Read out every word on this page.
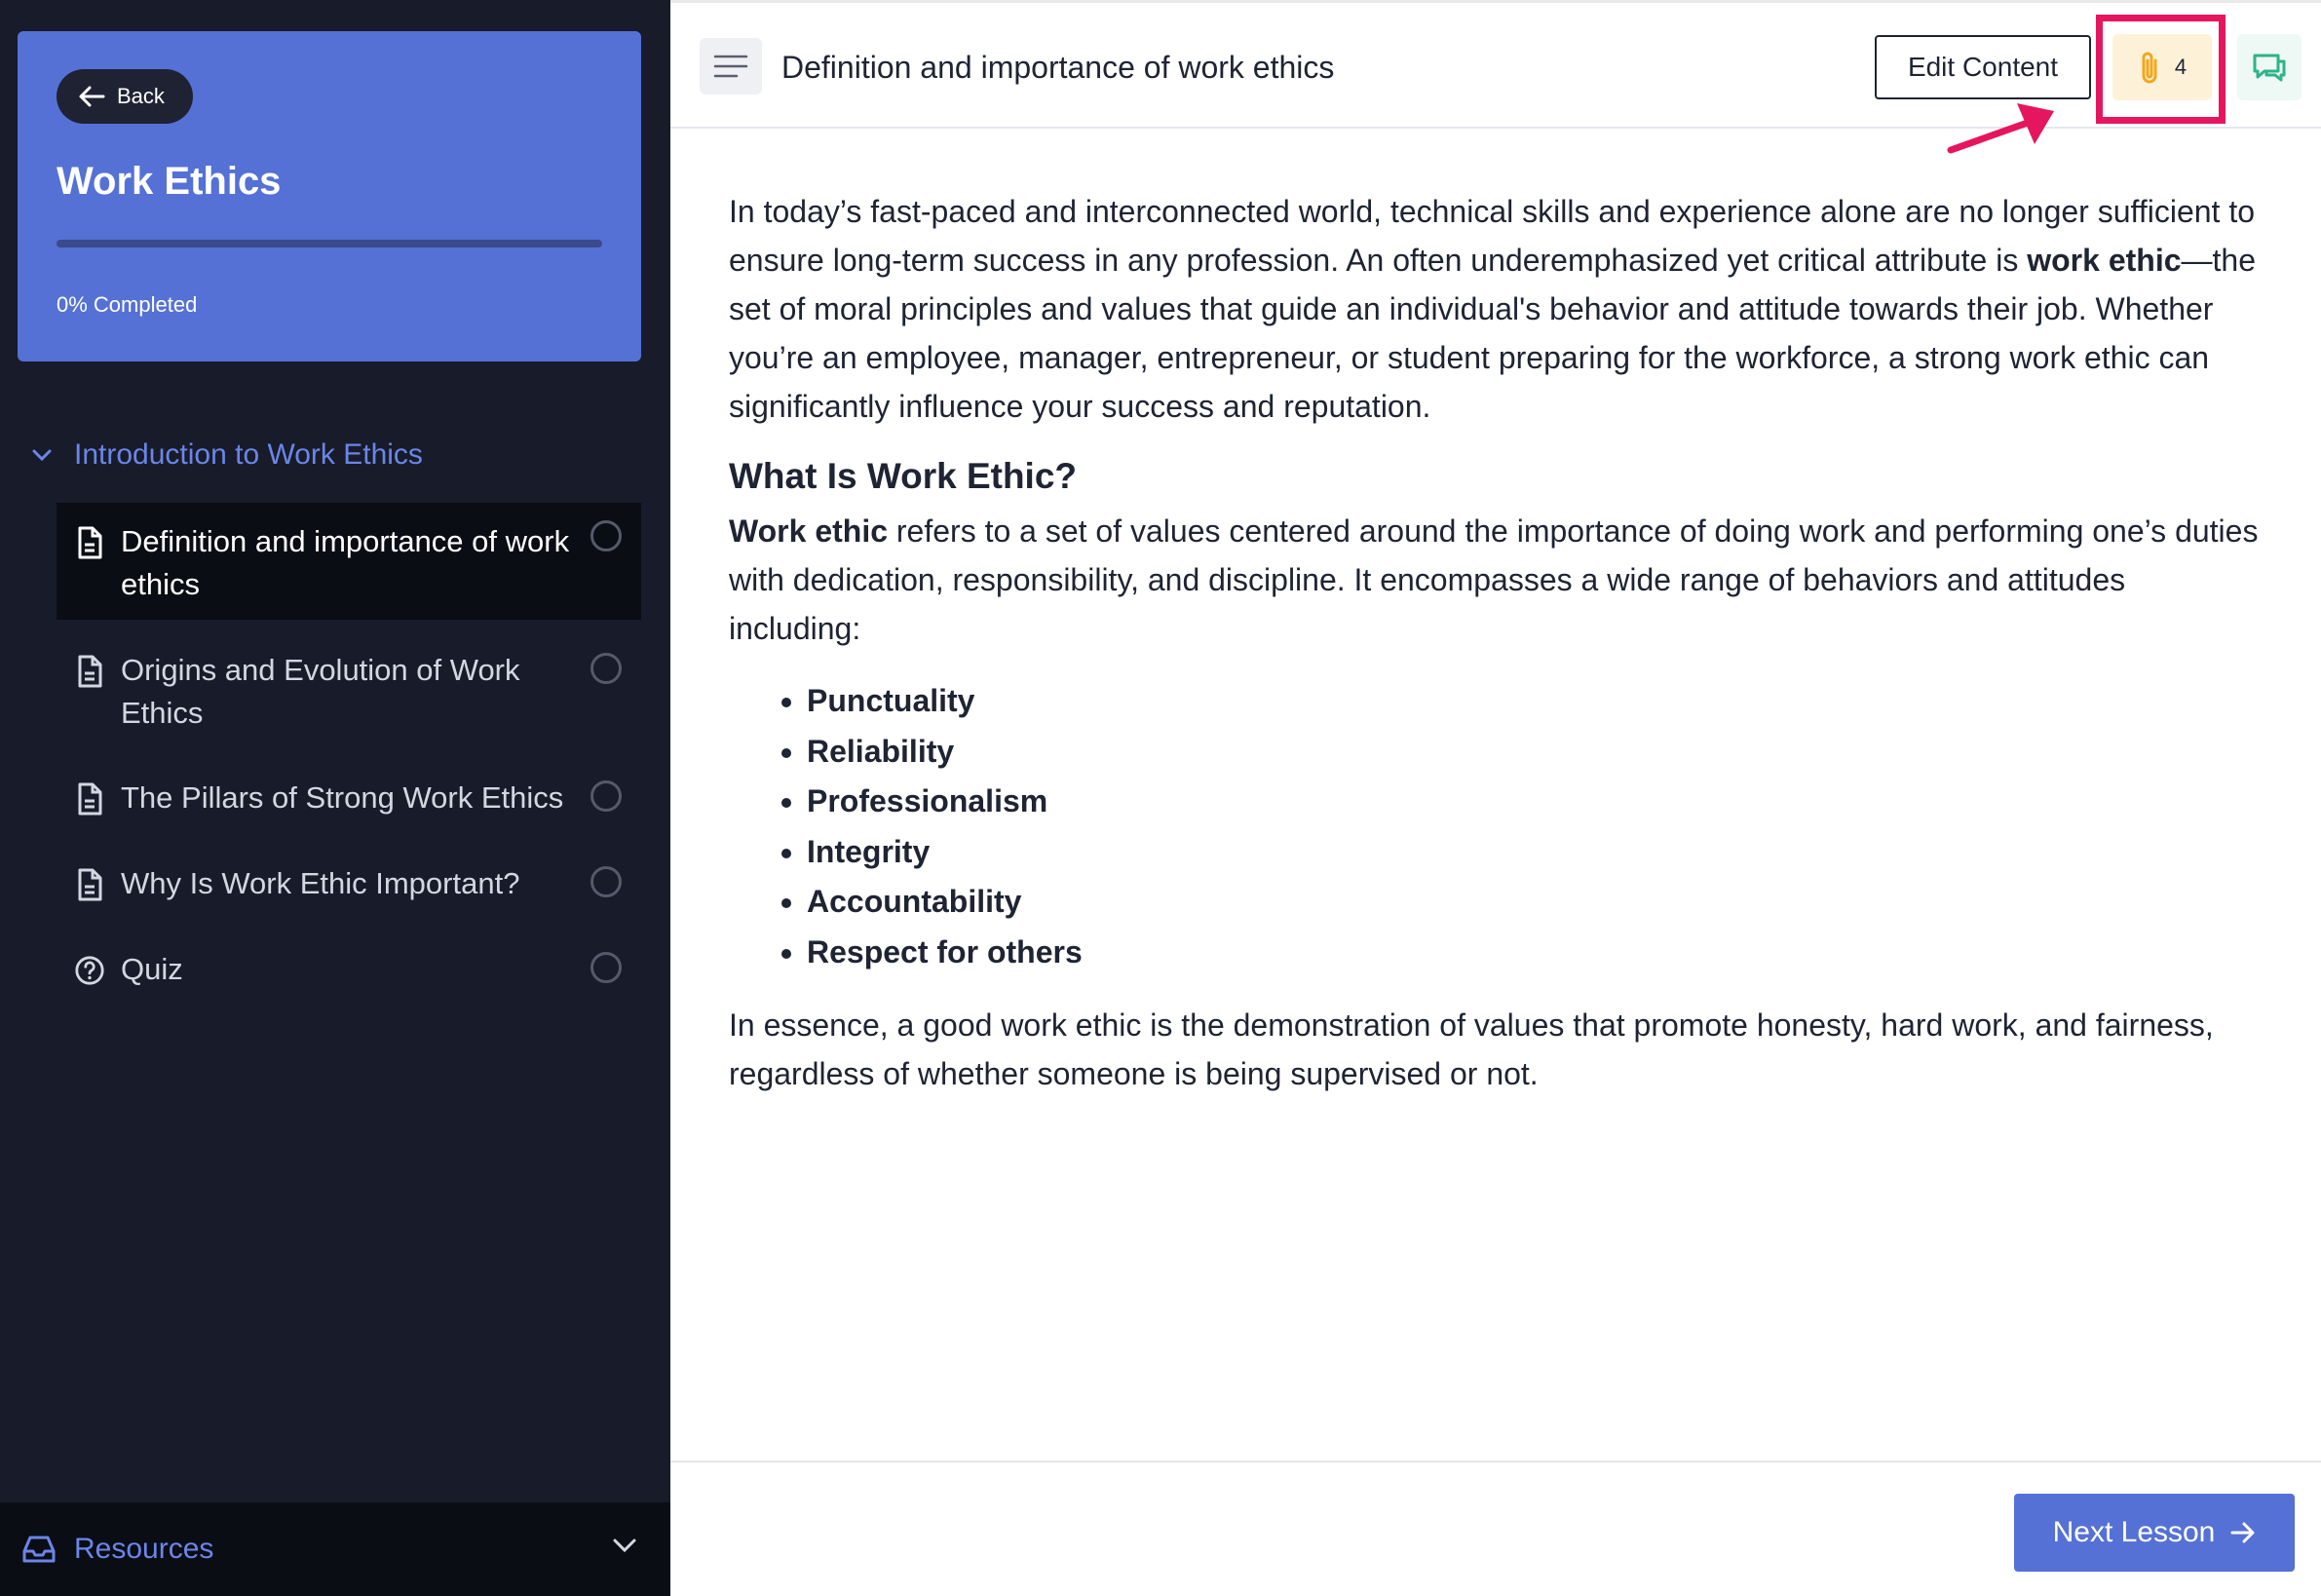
Back
Work Ethics
0% Completed
Introduction to Work Ethics
Definition and importance of work ethics
Origins and Evolution of Work Ethics
The Pillars of Strong Work Ethics
Why Is Work Ethic Important?
Quiz
Resources
Definition and importance of work ethics	Edit Content	4

In today’s fast-paced and interconnected world, technical skills and experience alone are no longer sufficient to ensure long-term success in any profession. An often underemphasized yet critical attribute is work ethic—the set of moral principles and values that guide an individual's behavior and attitude towards their job. Whether you’re an employee, manager, entrepreneur, or student preparing for the workforce, a strong work ethic can significantly influence your success and reputation.

What Is Work Ethic?

Work ethic refers to a set of values centered around the importance of doing work and performing one’s duties with dedication, responsibility, and discipline. It encompasses a wide range of behaviors and attitudes including:

• Punctuality
• Reliability
• Professionalism
• Integrity
• Accountability
• Respect for others

In essence, a good work ethic is the demonstration of values that promote honesty, hard work, and fairness, regardless of whether someone is being supervised or not.

Next Lesson
